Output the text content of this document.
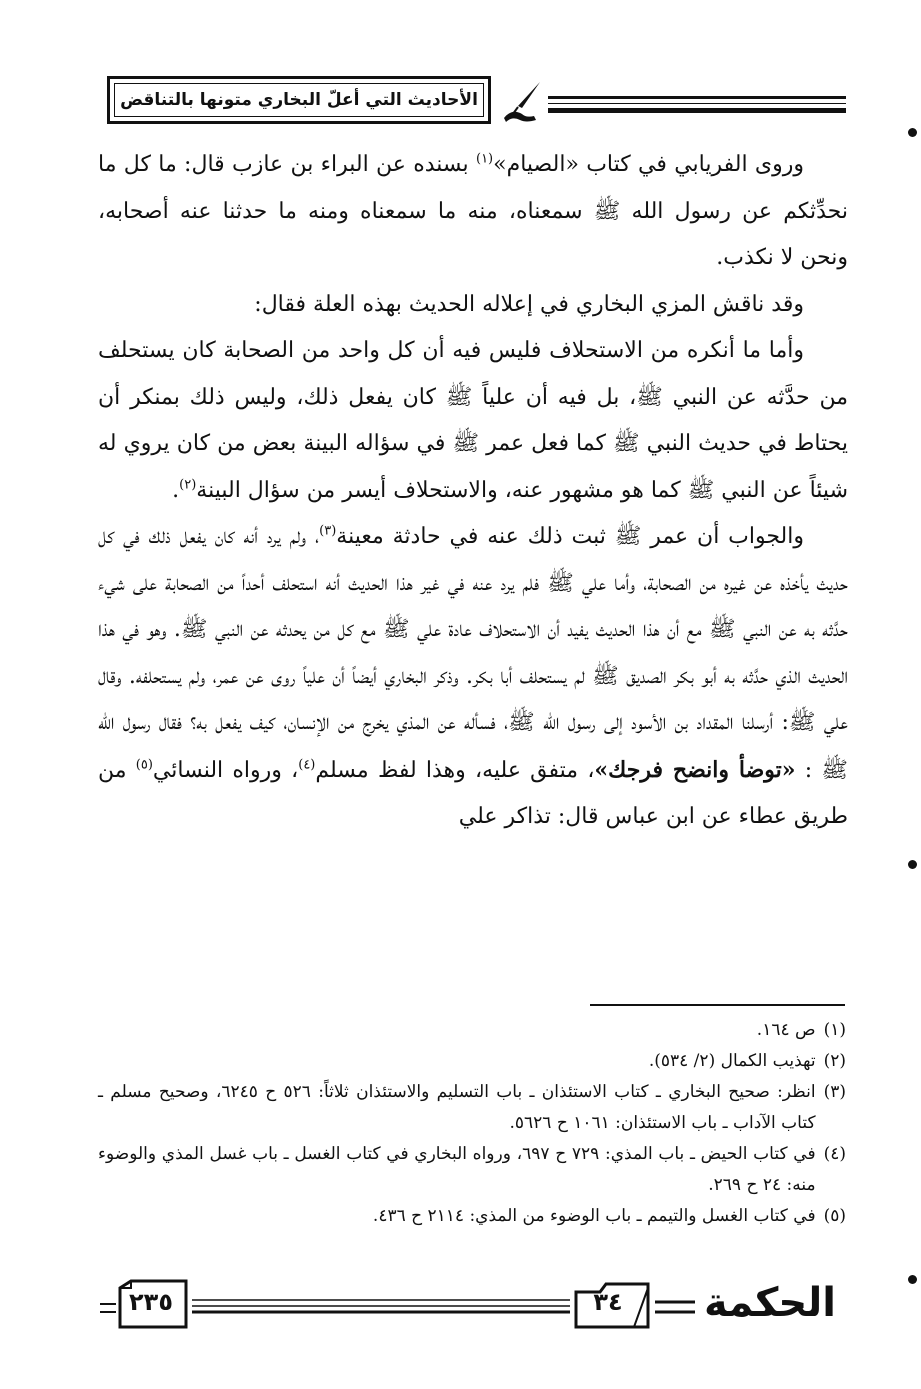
الأحاديث التي أعلّ البخاري متونها بالتناقض

وروى الفريابي في كتاب «الصيام»$^{(١)}$ بسنده عن البراء بن عازب قال: ما كل ما نحدِّثكم عن رسول الله ﷺ سمعناه، منه ما سمعناه ومنه ما حدثنا عنه أصحابه، ونحن لا نكذب.

وقد ناقش المزي البخاري في إعلاله الحديث بهذه العلة فقال:

وأما ما أنكره من الاستحلاف فليس فيه أن كل واحد من الصحابة كان يستحلف من حدَّثه عن النبي ﷺ، بل فيه أن علياً ﷺ كان يفعل ذلك، وليس ذلك بمنكر أن يحتاط في حديث النبي ﷺ كما فعل عمر ﷺ في سؤاله البينة بعض من كان يروي له شيئاً عن النبي ﷺ كما هو مشهور عنه، والاستحلاف أيسر من سؤال البينة$^{(٢)}$.

والجواب أن عمر ﷺ ثبت ذلك عنه في حادثة معينة$^{(٣)}$، ولم يرد أنه كان يفعل ذلك في كل حديث يأخذه عن غيره من الصحابة، وأما علي ﷺ فلم يرد عنه في غير هذا الحديث أنه استحلف أحداً من الصحابة على شيء حدَّثه به عن النبي ﷺ مع أن هذا الحديث يفيد أن الاستحلاف عادة علي ﷺ مع كل من يحدثه عن النبي ﷺ. وهو في هذا الحديث الذي حدَّثه به أبو بكر الصديق ﷺ لم يستحلف أبا بكر. وذكر البخاري أيضاً أن علياً روى عن عمر، ولم يستحلفه. وقال علي ﷺ: أرسلنا المقداد بن الأسود إلى رسول الله ﷺ، فسأله عن المذي يخرج من الإنسان، كيف يفعل به؟ فقال رسول الله ﷺ : «توضأ وانضح فرجك»، متفق عليه، وهذا لفظ مسلم$^{(٤)}$، ورواه النسائي$^{(٥)}$ من طريق عطاء عن ابن عباس قال: تذاكر علي

(١)
ص ١٦٤.
(٢)
تهذيب الكمال (٢/ ٥٣٤).
(٣)
انظر: صحيح البخاري ـ كتاب الاستئذان ـ باب التسليم والاستئذان ثلاثاً: ٥٢٦ ح ٦٢٤٥، وصحيح مسلم ـ كتاب الآداب ـ باب الاستئذان: ١٠٦١ ح ٥٦٢٦.
(٤)
في كتاب الحيض ـ باب المذي: ٧٢٩ ح ٦٩٧، ورواه البخاري في كتاب الغسل ـ باب غسل المذي والوضوء منه: ٢٤ ح ٢٦٩.
(٥)
في كتاب الغسل والتيمم ـ باب الوضوء من المذي: ٢١١٤ ح ٤٣٦.
٢٣٥	٣٤	الحكمة
